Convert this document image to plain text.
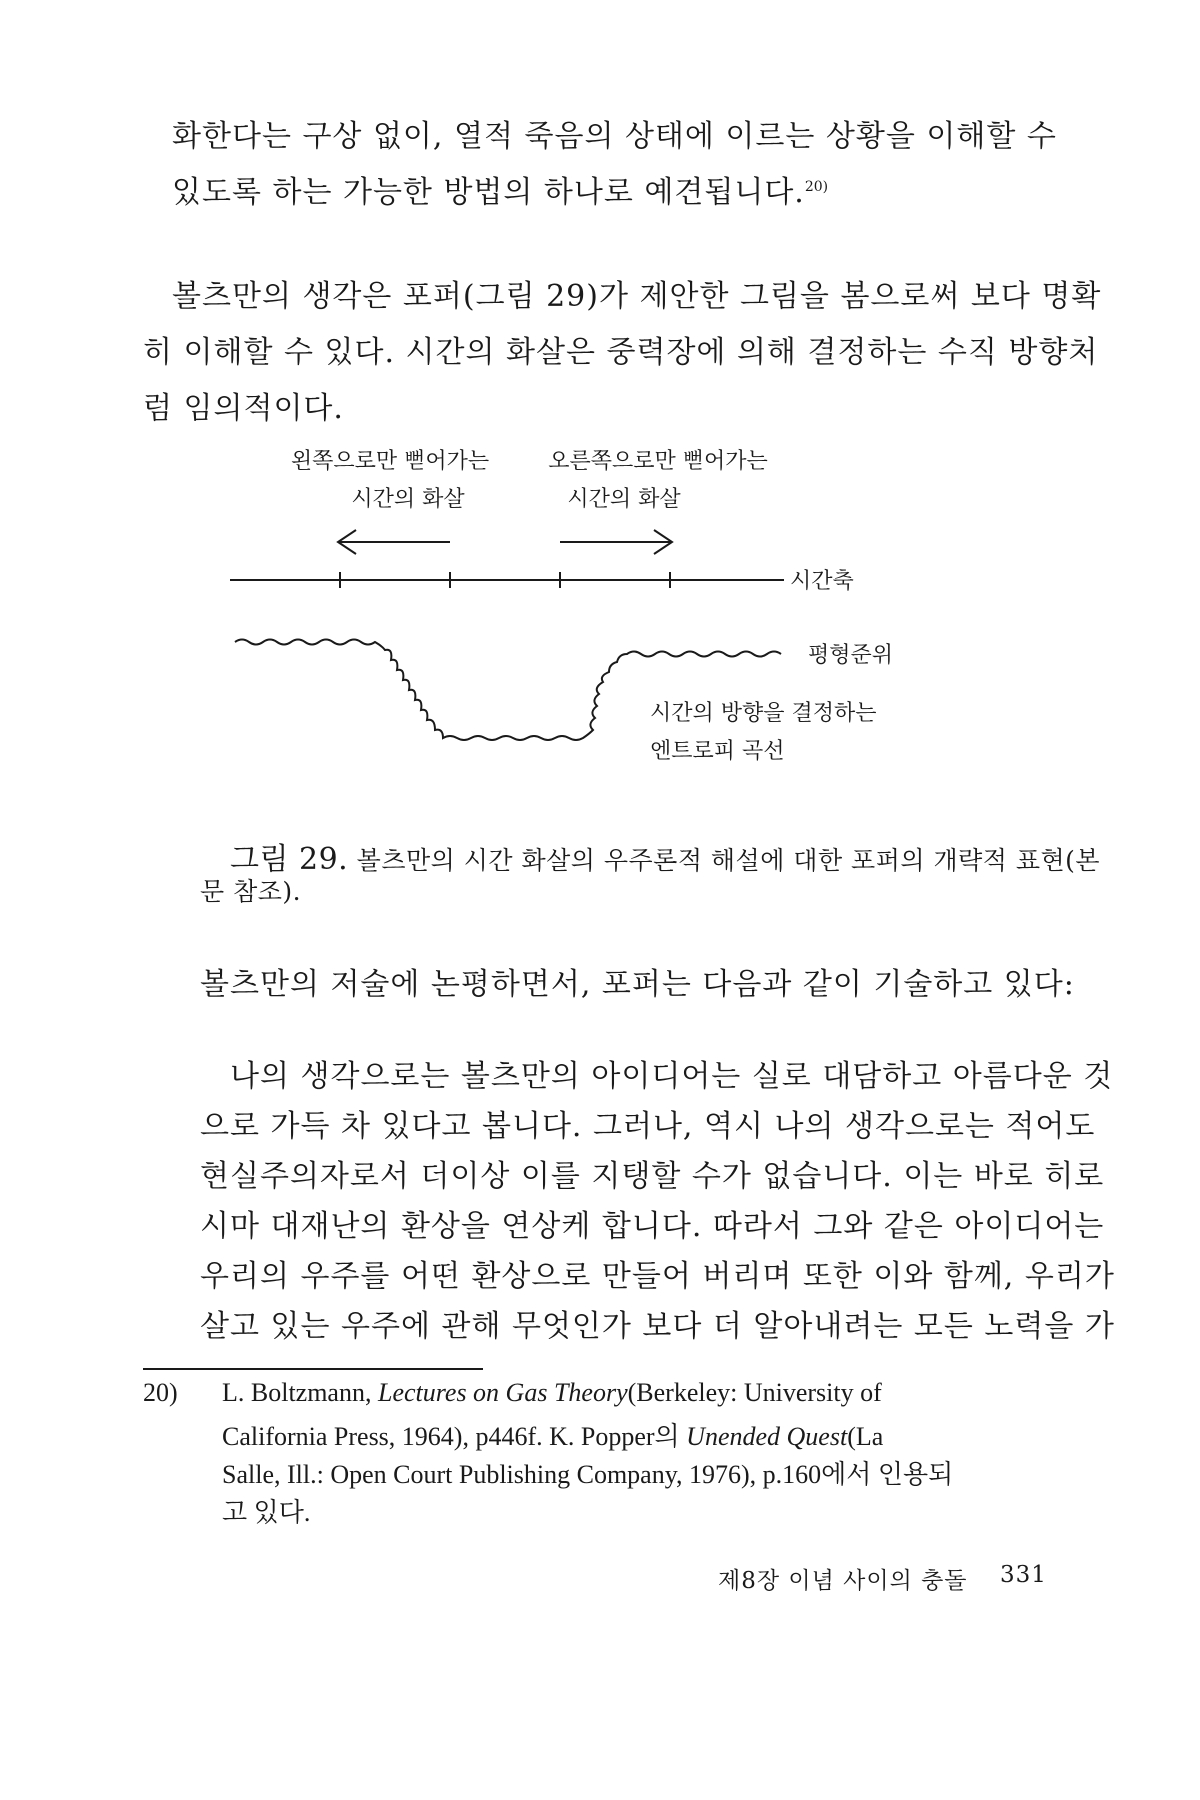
화한다는 구상 없이, 열적 죽음의 상태에 이르는 상황을 이해할 수
있도록 하는 가능한 방법의 하나로 예견됩니다.$^{20)}$
볼츠만의 생각은 포퍼(그림 29)가 제안한 그림을 봄으로써 보다 명확
히 이해할 수 있다. 시간의 화살은 중력장에 의해 결정하는 수직 방향처
럼 임의적이다.
왼쪽으로만 뻗어가는
시간의 화살
오른쪽으로만 뻗어가는
시간의 화살
시간축
평형준위
시간의 방향을 결정하는
엔트로피 곡선
그림 29. 볼츠만의 시간 화살의 우주론적 해설에 대한 포퍼의 개략적 표현(본
문 참조).
볼츠만의 저술에 논평하면서, 포퍼는 다음과 같이 기술하고 있다:
나의 생각으로는 볼츠만의 아이디어는 실로 대담하고 아름다운 것
으로 가득 차 있다고 봅니다. 그러나, 역시 나의 생각으로는 적어도
현실주의자로서 더이상 이를 지탱할 수가 없습니다. 이는 바로 히로
시마 대재난의 환상을 연상케 합니다. 따라서 그와 같은 아이디어는
우리의 우주를 어떤 환상으로 만들어 버리며 또한 이와 함께, 우리가
살고 있는 우주에 관해 무엇인가 보다 더 알아내려는 모든 노력을 가
20) L. Boltzmann, Lectures on Gas Theory(Berkeley: University of
California Press, 1964), p446f. K. Popper의 Unended Quest(La
Salle, Ill.: Open Court Publishing Company, 1976), p.160에서 인용되
고 있다.
제8장 이념 사이의 충돌 331
